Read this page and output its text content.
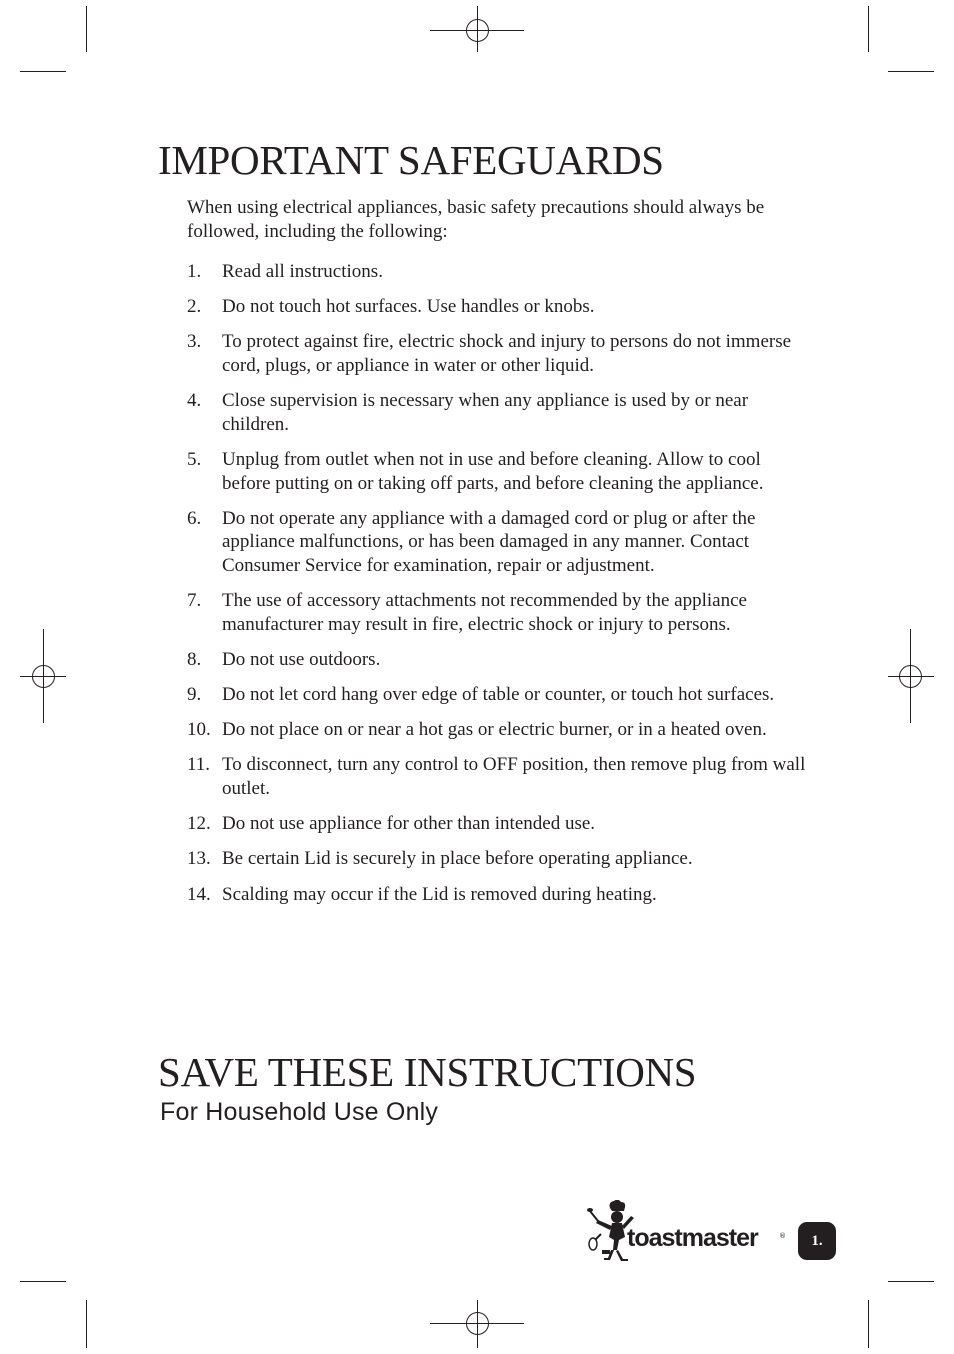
IMPORTANT SAFEGUARDS

When using electrical appliances, basic safety precautions should always be followed, including the following:

1. Read all instructions.
2. Do not touch hot surfaces. Use handles or knobs.
3. To protect against fire, electric shock and injury to persons do not immerse cord, plugs, or appliance in water or other liquid.
4. Close supervision is necessary when any appliance is used by or near children.
5. Unplug from outlet when not in use and before cleaning. Allow to cool before putting on or taking off parts, and before cleaning the appliance.
6. Do not operate any appliance with a damaged cord or plug or after the appliance malfunctions, or has been damaged in any manner. Contact Consumer Service for examination, repair or adjustment.
7. The use of accessory attachments not recommended by the appliance manufacturer may result in fire, electric shock or injury to persons.
8. Do not use outdoors.
9. Do not let cord hang over edge of table or counter, or touch hot surfaces.
10. Do not place on or near a hot gas or electric burner, or in a heated oven.
11. To disconnect, turn any control to OFF position, then remove plug from wall outlet.
12. Do not use appliance for other than intended use.
13. Be certain Lid is securely in place before operating appliance.
14. Scalding may occur if the Lid is removed during heating.
SAVE THESE INSTRUCTIONS
For Household Use Only
toastmaster	® 1.
